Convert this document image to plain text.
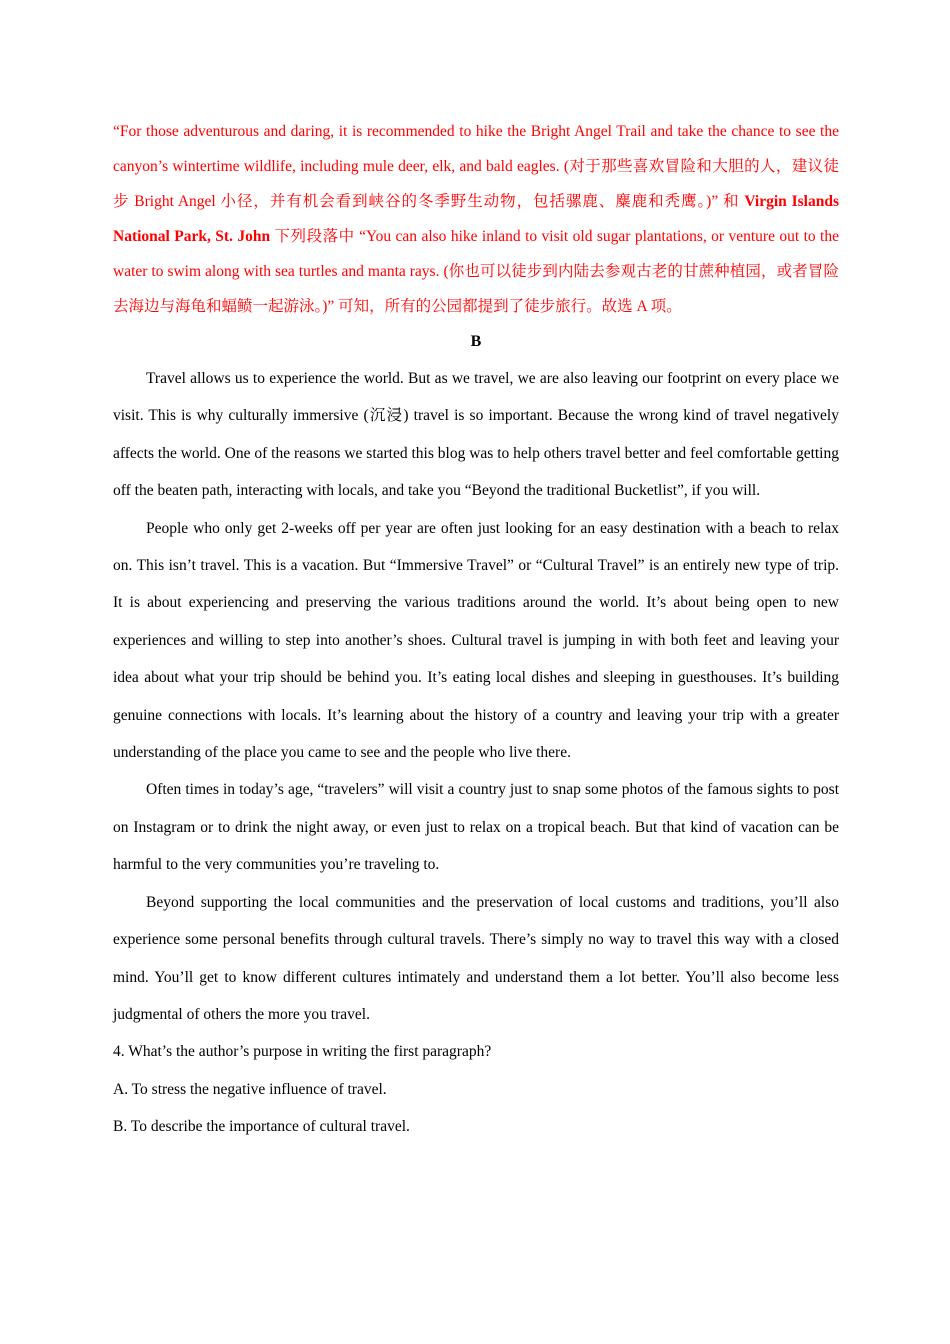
“For those adventurous and daring, it is recommended to hike the Bright Angel Trail and take the chance to see the canyon’s wintertime wildlife, including mule deer, elk, and bald eagles. (对于那些喜欢冒险和大胆的人，建议徒步 Bright Angel 小径，并有机会看到峡谷的冬季野生动物，包括骡鹿、麋鹿和秃鹰。)” 和 Virgin Islands National Park, St. John 下列段落中 “You can also hike inland to visit old sugar plantations, or venture out to the water to swim along with sea turtles and manta rays. (你也可以徒步到内陆去参观古老的甘蔗种植园，或者冒险去海边与海龟和蝠鲼一起游泳。)” 可知，所有的公园都提到了徒步旅行。故选 A 项。

B

Travel allows us to experience the world. But as we travel, we are also leaving our footprint on every place we visit. This is why culturally immersive (沉浸) travel is so important. Because the wrong kind of travel negatively affects the world. One of the reasons we started this blog was to help others travel better and feel comfortable getting off the beaten path, interacting with locals, and take you “Beyond the traditional Bucketlist”, if you will.

People who only get 2-weeks off per year are often just looking for an easy destination with a beach to relax on. This isn’t travel. This is a vacation. But “Immersive Travel” or “Cultural Travel” is an entirely new type of trip. It is about experiencing and preserving the various traditions around the world. It’s about being open to new experiences and willing to step into another’s shoes. Cultural travel is jumping in with both feet and leaving your idea about what your trip should be behind you. It’s eating local dishes and sleeping in guesthouses. It’s building genuine connections with locals. It’s learning about the history of a country and leaving your trip with a greater understanding of the place you came to see and the people who live there.

Often times in today’s age, “travelers” will visit a country just to snap some photos of the famous sights to post on Instagram or to drink the night away, or even just to relax on a tropical beach. But that kind of vacation can be harmful to the very communities you’re traveling to.

Beyond supporting the local communities and the preservation of local customs and traditions, you’ll also experience some personal benefits through cultural travels. There’s simply no way to travel this way with a closed mind. You’ll get to know different cultures intimately and understand them a lot better. You’ll also become less judgmental of others the more you travel.

4. What’s the author’s purpose in writing the first paragraph?

A. To stress the negative influence of travel.

B. To describe the importance of cultural travel.
